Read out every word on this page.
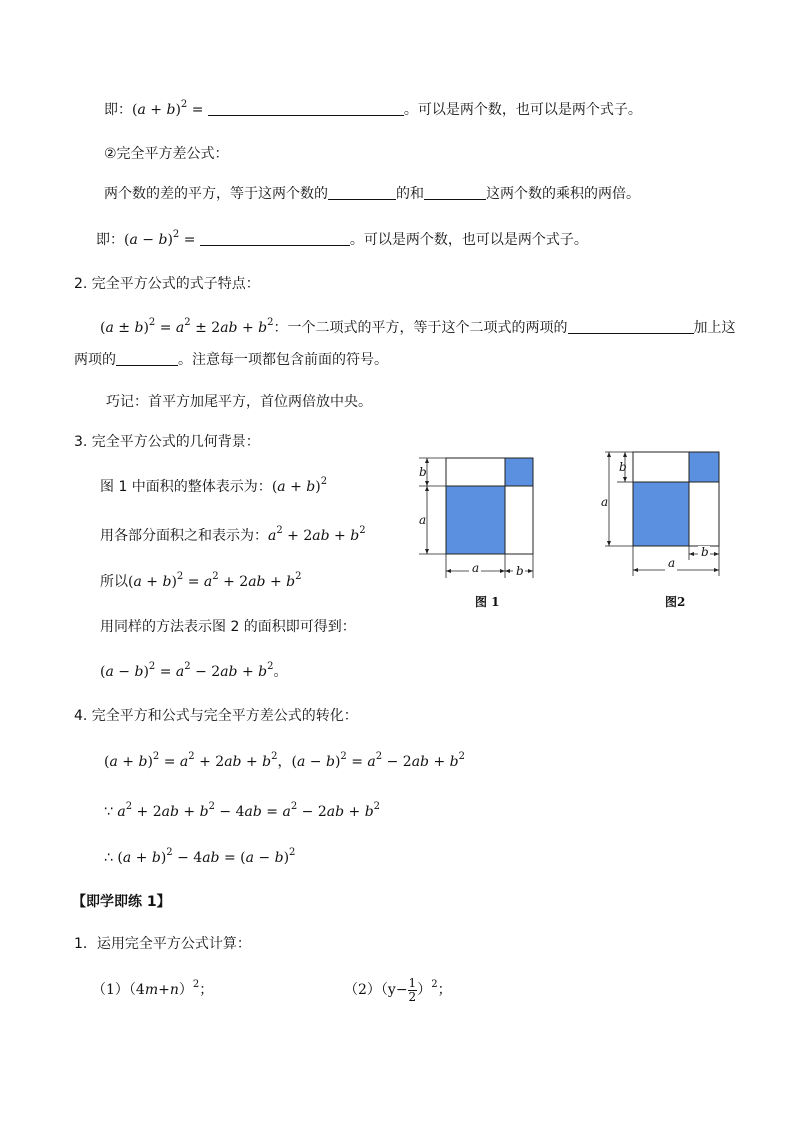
即：$(a + b)^2$ =	。可以是两个数，也可以是两个式子。
②完全平方差公式：
两个数的差的平方，等于这两个数的	的和	这两个数的乘积的两倍。
即：$(a - b)^2$ =	。可以是两个数，也可以是两个式子。
2. 完全平方公式的式子特点：
$(a \pm b)^2 = a^2 \pm 2ab + b^2$：一个二项式的平方，等于这个二项式的两项的	加上这
两项的	。注意每一项都包含前面的符号。
巧记：首平方加尾平方，首位两倍放中央。
3. 完全平方公式的几何背景：
图 1 中面积的整体表示为：$(a + b)^2$
用各部分面积之和表示为：$a^2 + 2ab + b^2$
所以$(a + b)^2 = a^2 + 2ab + b^2$
用同样的方法表示图 2 的面积即可得到：
$(a - b)^2 = a^2 - 2ab + b^2$。
b
a
a	b
图 1
b
a
b
a
图2
4. 完全平方和公式与完全平方差公式的转化：
$(a + b)^2 = a^2 + 2ab + b^2$，$(a - b)^2 = a^2 - 2ab + b^2$
∵ $a^2 + 2ab + b^2 - 4ab = a^2 - 2ab + b^2$
∴ $(a + b)^2 - 4ab = (a - b)^2$
【即学即练 1】
1．运用完全平方公式计算：
$(1)(4m+n)^2$；	$(2)(y- \frac{1}{2} )^2$；
